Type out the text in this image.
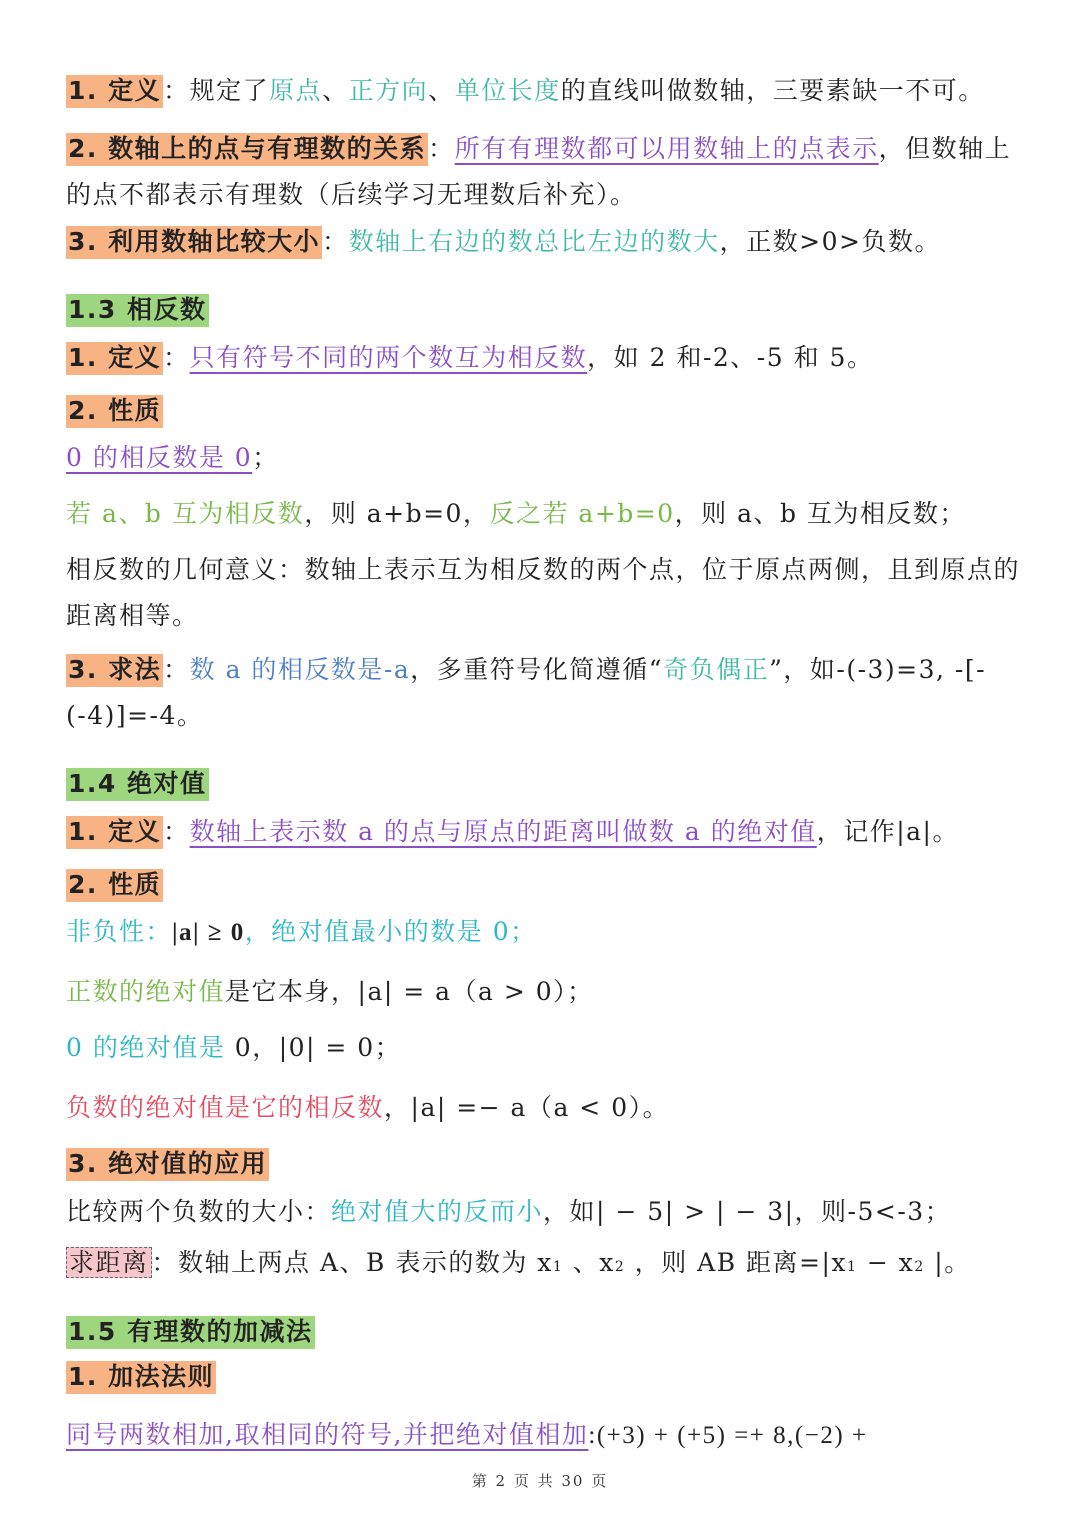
1. 定义：规定了原点、正方向、单位长度的直线叫做数轴，三要素缺一不可。
2. 数轴上的点与有理数的关系：所有有理数都可以用数轴上的点表示，但数轴上的点不都表示有理数（后续学习无理数后补充）。
3. 利用数轴比较大小：数轴上右边的数总比左边的数大，正数>0>负数。
1.3 相反数
1. 定义：只有符号不同的两个数互为相反数，如 2 和-2、-5 和 5。
2. 性质
0 的相反数是 0；
若 a、b 互为相反数，则 a+b=0，反之若 a+b=0，则 a、b 互为相反数；
相反数的几何意义：数轴上表示互为相反数的两个点，位于原点两侧，且到原点的距离相等。
3. 求法：数 a 的相反数是-a，多重符号化简遵循“奇负偶正”，如-(-3)=3, -[-(-4)]=-4。
1.4 绝对值
1. 定义：数轴上表示数 a 的点与原点的距离叫做数 a 的绝对值，记作|a|。
2. 性质
非负性：|a| ≥ 0，绝对值最小的数是 0；
正数的绝对值是它本身，|a| = a（a > 0）；
0 的绝对值是 0，|0| = 0；
负数的绝对值是它的相反数，|a| =− a（a < 0）。
3. 绝对值的应用
比较两个负数的大小：绝对值大的反而小，如| − 5| > | − 3|，则-5<-3；
求距离 ：数轴上两点 A、B 表示的数为 x1 、x2 ，则 AB 距离=|x1 − x2 |。
1.5 有理数的加减法
1. 加法法则
同号两数相加,取相同的符号,并把绝对值相加:(+3) + (+5) =+ 8,(−2) +
第 2 页 共 30 页
